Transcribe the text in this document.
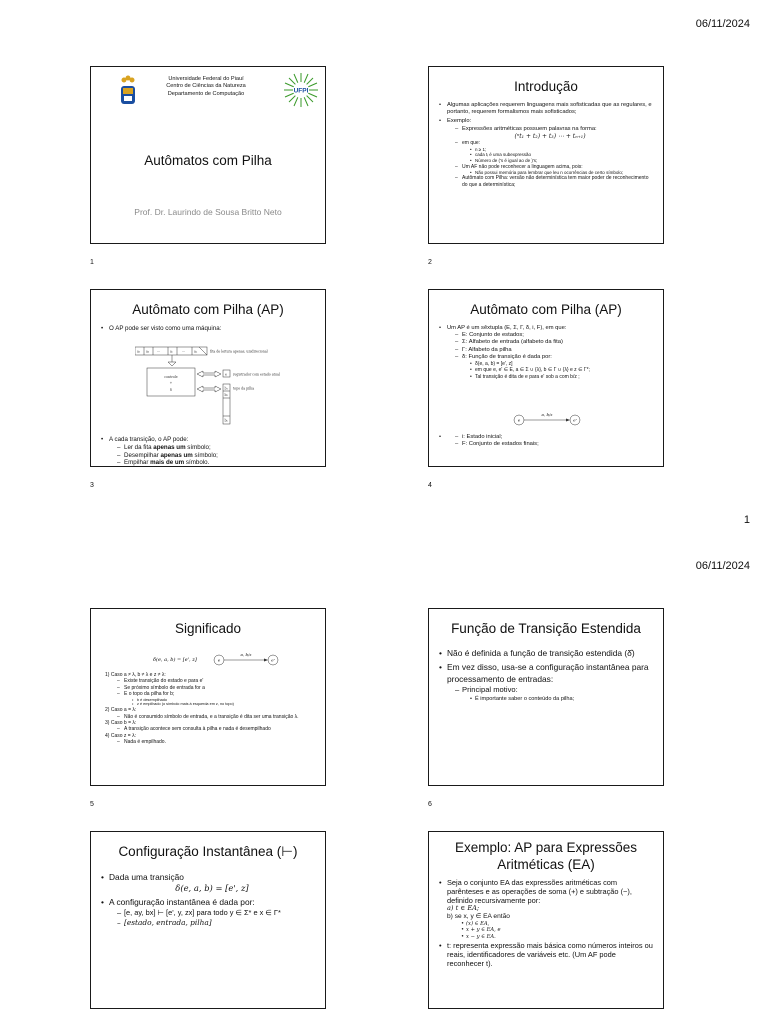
06/11/2024
Universidade Federal do Piauí
Centro de Ciências da Natureza
Departamento de Computação	UFPI
Autômatos com Pilha
Prof. Dr. Laurindo de Sousa Britto Neto
1
Introdução
• Algumas aplicações requerem linguagens mais sofisticadas que as regulares, e portanto, requerem formalismos mais sofisticados;
• Exemplo:
– Expressões aritméticas possuem palavras na forma:
(ⁿt₁ + t₂) + t₃) ⋯ + tₙ₊₁)
– em que:
• n ≥ 1;
• cada tᵢ é uma subexpressão
• Número de ('s é igual ao de )'s;
– Um AF não pode reconhecer a linguagem acima, pois:
• Não possui memória para lembrar que leu n ocorrências de certo símbolo;
– Autômato com Pilha: versão não determinística tem maior poder de reconhecimento do que a determinística;
2
Autômato com Pilha (AP)
• O AP pode ser visto como uma máquina:
a₁ a₂ ⋯	aᵢ	⋯	aₙ	fita de leitura apenas, unidirecional
controle
+
δ
e registrador com estado atual
topo da pilha
b₁
b₂
bₖ
• A cada transição, o AP pode:
– Ler da fita apenas um símbolo;
– Desempilhar apenas um símbolo;
– Empilhar mais de um símbolo.
3
Autômato com Pilha (AP)
• Um AP é um sêxtupla (E, Σ, Γ, δ, i, F), em que:
– E: Conjunto de estados;
– Σ: Alfabeto de entrada (alfabeto da fita)
– Γ: Alfabeto da pilha
– δ: Função de transição é dada por:
• δ(e, a, b) = [e', z]
• em que e, e' ∈ E, a ∈ Σ ∪ {λ}, b ∈ Γ ∪ {λ} e z ∈ Γ*;
• Tal transição é dita de e para e' sob a com b/z ;
e	e'
a, b/z
– • i: Estado inicial;
– F: Conjunto de estados finais;
4
1
06/11/2024
Significado
δ(e, a, b) = [e', z]	e	e'
a, b/z
1) Caso a ≠ λ, b ≠ λ e z ≠ λ:
– Existe transição do estado e para e'
– Se próximo símbolo de entrada for a
– E o topo da pilha for b;
• b é desempilhado
• z é empilhado (o símbolo mais à esquerda em z, no topo)
2) Caso a = λ:
– Não é consumido símbolo de entrada, e a transição é dita ser uma transição λ.
3) Caso b = λ:
– A transição acontece sem consulta à pilha e nada é desempilhado
4) Caso z = λ:
– Nada é empilhado.
5
Função de Transição Estendida
• Não é definida a função de transição estendida (δ̂)
• Em vez disso, usa-se a configuração instantânea para processamento de entradas:
– Principal motivo:
• É importante saber o conteúdo da pilha;
6
Configuração Instantânea (⊢)
• Dada uma transição
δ(e, a, b) = [e', z]
• A configuração instantânea é dada por:
– [e, ay, bx] ⊢ [e', y, zx] para todo y ∈ Σ* e x ∈ Γ*
– [estado, entrada, pilha]
Exemplo: AP para Expressões Aritméticas (EA)
• Seja o conjunto EA das expressões aritméticas com parênteses e as operações de soma (+) e subtração (−), definido recursivamente por:
a) t ∈ EA;
b) se x, y ∈ EA então
• (x) ∈ EA,
• x + y ∈ EA, e
• x − y ∈ EA.
• t: representa expressão mais básica como números inteiros ou reais, identificadores de variáveis etc. (Um AF pode reconhecer t).
